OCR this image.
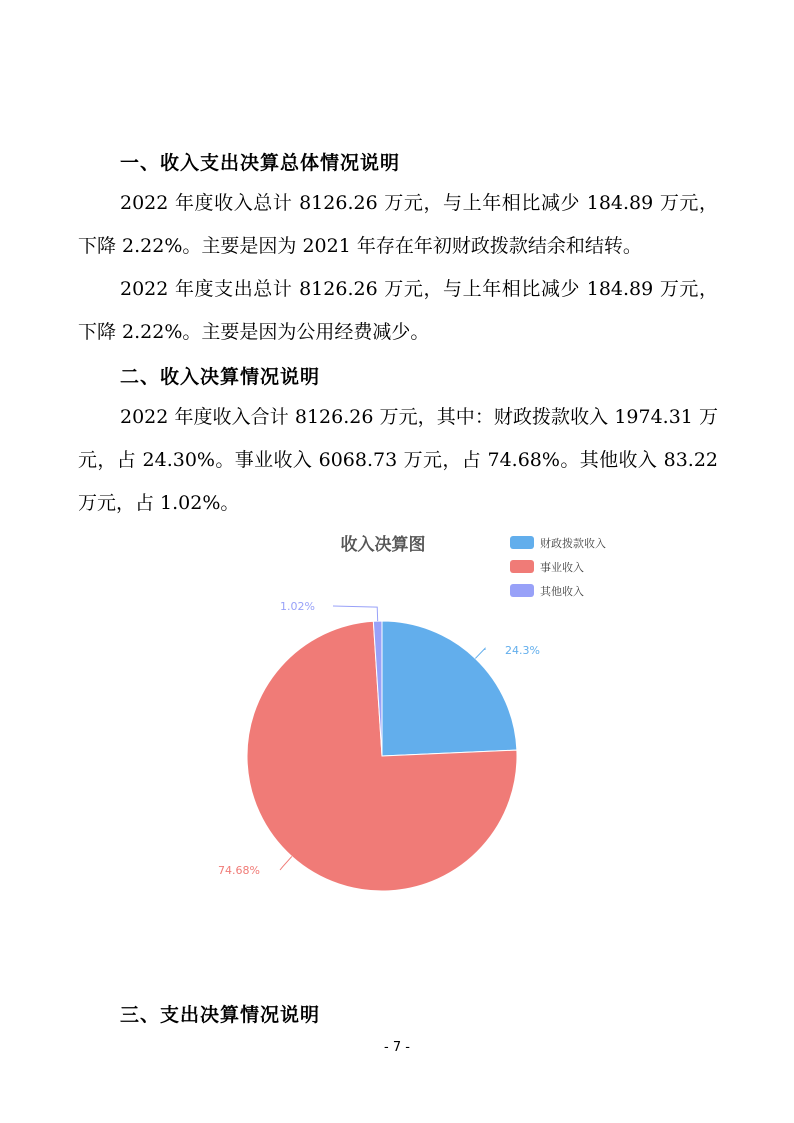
一、收入支出决算总体情况说明
2022 年度收入总计 8126.26 万元，与上年相比减少 184.89 万元，下降 2.22%。主要是因为 2021 年存在年初财政拨款结余和结转。
2022 年度支出总计 8126.26 万元，与上年相比减少 184.89 万元，下降 2.22%。主要是因为公用经费减少。
二、收入决算情况说明
2022 年度收入合计 8126.26 万元，其中：财政拨款收入 1974.31 万元，占 24.30%。事业收入 6068.73 万元，占 74.68%。其他收入 83.22 万元，占 1.02%。
收入决算图	财政拨款收入
事业收入
其他收入
24.3%
74.68%
1.02%
三、支出决算情况说明
- 7 -
